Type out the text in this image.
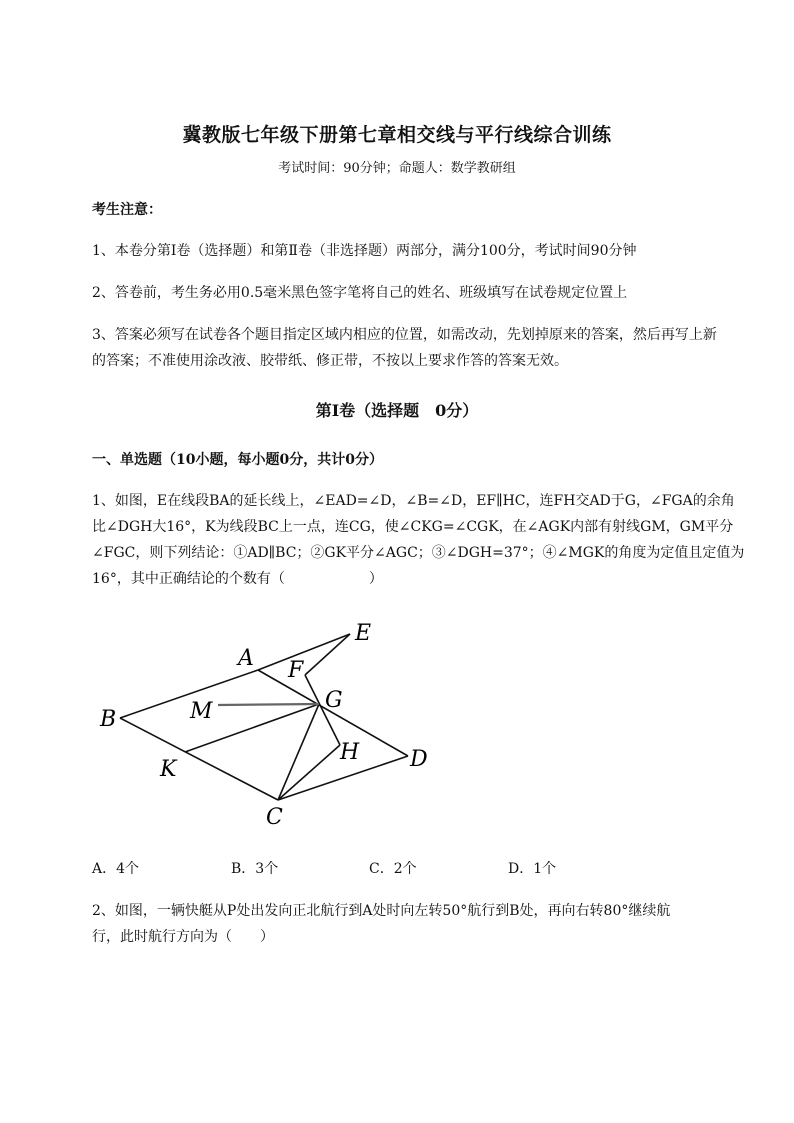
冀教版七年级下册第七章相交线与平行线综合训练
考试时间：90分钟；命题人：数学教研组
考生注意：
1、本卷分第Ⅰ卷（选择题）和第Ⅱ卷（非选择题）两部分，满分100分，考试时间90分钟
2、答卷前，考生务必用0.5毫米黑色签字笔将自己的姓名、班级填写在试卷规定位置上
3、答案必须写在试卷各个题目指定区域内相应的位置，如需改动，先划掉原来的答案，然后再写上新
的答案；不准使用涂改液、胶带纸、修正带，不按以上要求作答的答案无效。
第Ⅰ卷（选择题　0分）
一、单选题（10小题，每小题0分，共计0分）
1、如图，E在线段BA的延长线上，∠EAD=∠D，∠B=∠D，EF∥HC，连FH交AD于G，∠FGA的余角
比∠DGH大16°，K为线段BC上一点，连CG，使∠CKG=∠CGK，在∠AGK内部有射线GM，GM平分
∠FGC，则下列结论：①AD∥BC；②GK平分∠AGC；③∠DGH=37°；④∠MGK的角度为定值且定值为
16°，其中正确结论的个数有（　　　　　　）
A
B
C
D
E
F
G
H
K
M
A．4个	B．3个	C．2个	D．1个
2、如图，一辆快艇从P处出发向正北航行到A处时向左转50°航行到B处，再向右转80°继续航
行，此时航行方向为（　　）
